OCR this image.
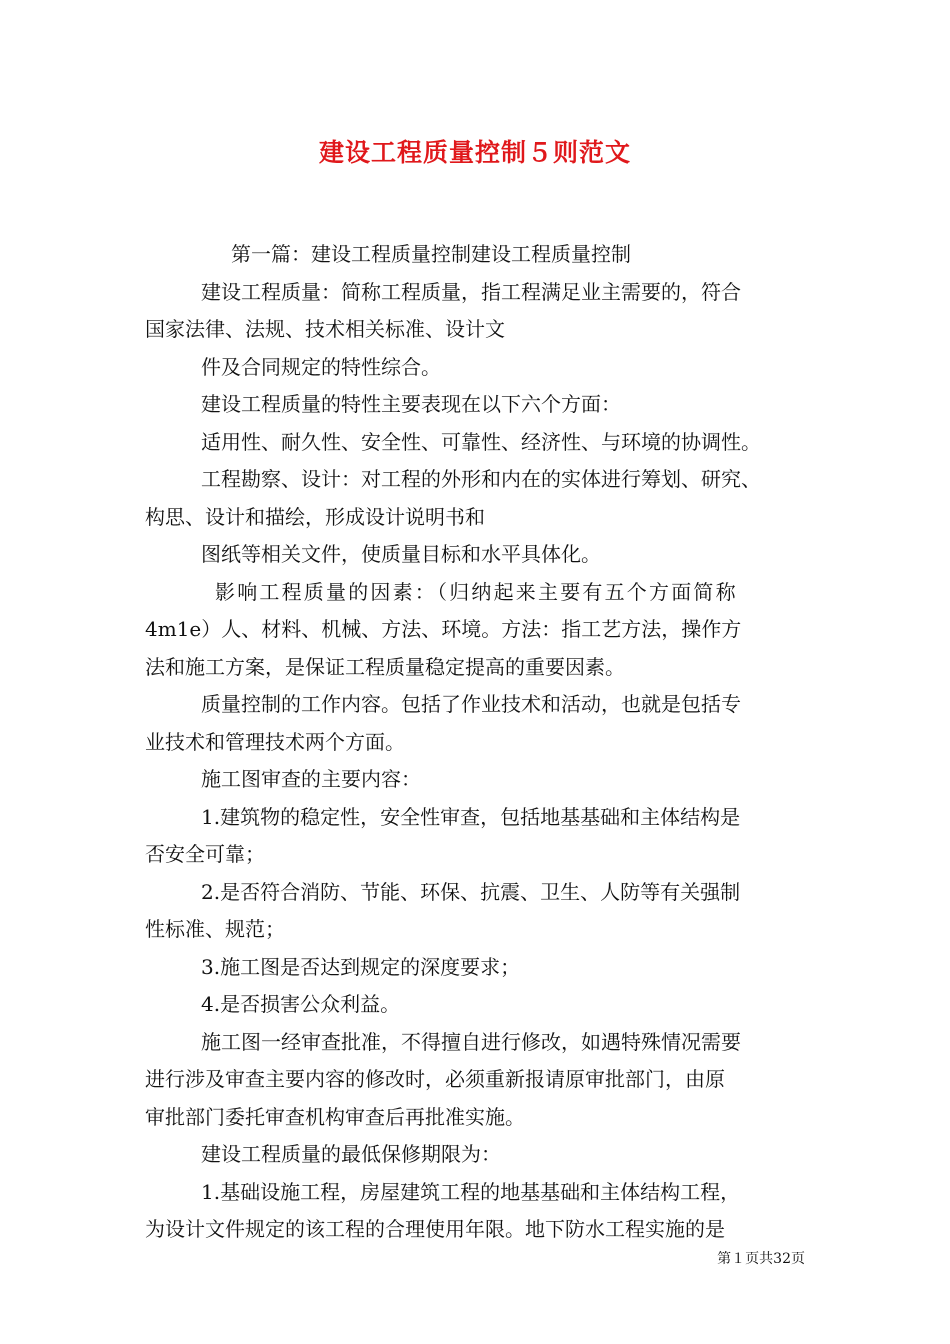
建设工程质量控制５则范文
第一篇：建设工程质量控制建设工程质量控制
建设工程质量：简称工程质量，指工程满足业主需要的，符合
国家法律、法规、技术相关标准、设计文
件及合同规定的特性综合。
建设工程质量的特性主要表现在以下六个方面：
适用性、耐久性、安全性、可靠性、经济性、与环境的协调性。
工程勘察、设计：对工程的外形和内在的实体进行筹划、研究、
构思、设计和描绘，形成设计说明书和
图纸等相关文件，使质量目标和水平具体化。
影响工程质量的因素：（归纳起来主要有五个方面简称
4m1e）人、材料、机械、方法、环境。方法：指工艺方法，操作方
法和施工方案，是保证工程质量稳定提高的重要因素。
质量控制的工作内容。包括了作业技术和活动，也就是包括专
业技术和管理技术两个方面。
施工图审查的主要内容：
1.建筑物的稳定性，安全性审查，包括地基基础和主体结构是
否安全可靠；
2.是否符合消防、节能、环保、抗震、卫生、人防等有关强制
性标准、规范；
3.施工图是否达到规定的深度要求；
4.是否损害公众利益。
施工图一经审查批准，不得擅自进行修改，如遇特殊情况需要
进行涉及审查主要内容的修改时，必须重新报请原审批部门，由原
审批部门委托审查机构审查后再批准实施。
建设工程质量的最低保修期限为：
1.基础设施工程，房屋建筑工程的地基基础和主体结构工程，
为设计文件规定的该工程的合理使用年限。地下防水工程实施的是
第１页共32页
